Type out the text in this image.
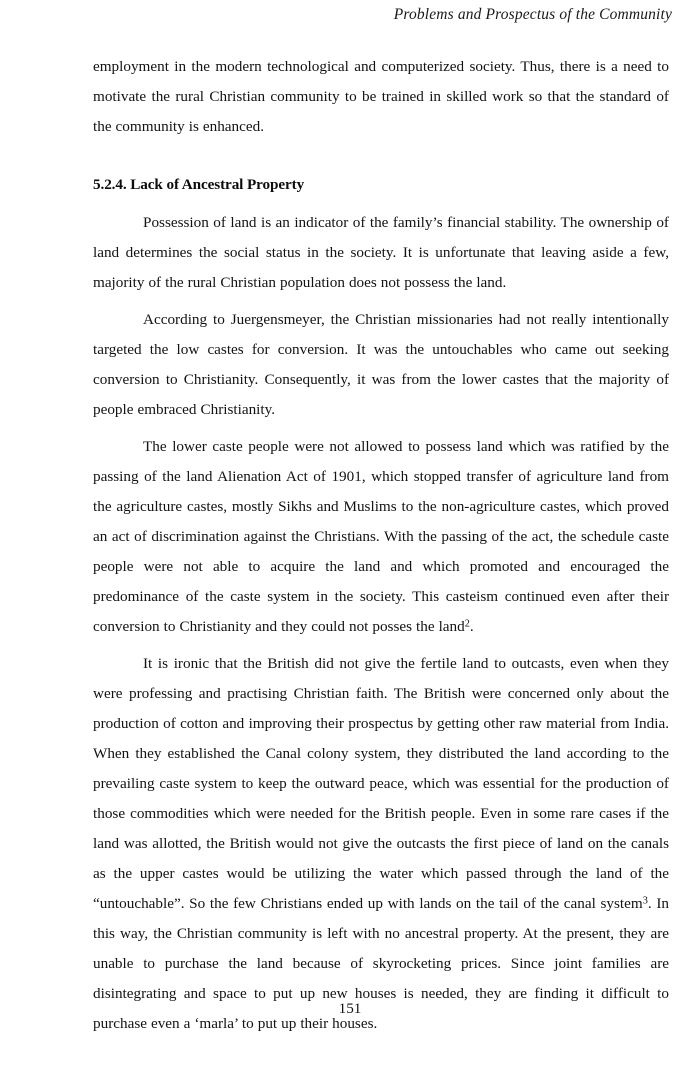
Problems and Prospectus of the Community

employment in the modern technological and computerized society. Thus, there is a need to motivate the rural Christian community to be trained in skilled work so that the standard of the community is enhanced.

5.2.4. Lack of Ancestral Property

Possession of land is an indicator of the family’s financial stability. The ownership of land determines the social status in the society. It is unfortunate that leaving aside a few, majority of the rural Christian population does not possess the land.

According to Juergensmeyer, the Christian missionaries had not really intentionally targeted the low castes for conversion. It was the untouchables who came out seeking conversion to Christianity. Consequently, it was from the lower castes that the majority of people embraced Christianity.

The lower caste people were not allowed to possess land which was ratified by the passing of the land Alienation Act of 1901, which stopped transfer of agriculture land from the agriculture castes, mostly Sikhs and Muslims to the non-agriculture castes, which proved an act of discrimination against the Christians. With the passing of the act, the schedule caste people were not able to acquire the land and which promoted and encouraged the predominance of the caste system in the society. This casteism continued even after their conversion to Christianity and they could not posses the land$^2$.

It is ironic that the British did not give the fertile land to outcasts, even when they were professing and practising Christian faith. The British were concerned only about the production of cotton and improving their prospectus by getting other raw material from India. When they established the Canal colony system, they distributed the land according to the prevailing caste system to keep the outward peace, which was essential for the production of those commodities which were needed for the British people. Even in some rare cases if the land was allotted, the British would not give the outcasts the first piece of land on the canals as the upper castes would be utilizing the water which passed through the land of the “untouchable”. So the few Christians ended up with lands on the tail of the canal system$^3$. In this way, the Christian community is left with no ancestral property. At the present, they are unable to purchase the land because of skyrocketing prices. Since joint families are disintegrating and space to put up new houses is needed, they are finding it difficult to purchase even a ‘marla’ to put up their houses.

151
